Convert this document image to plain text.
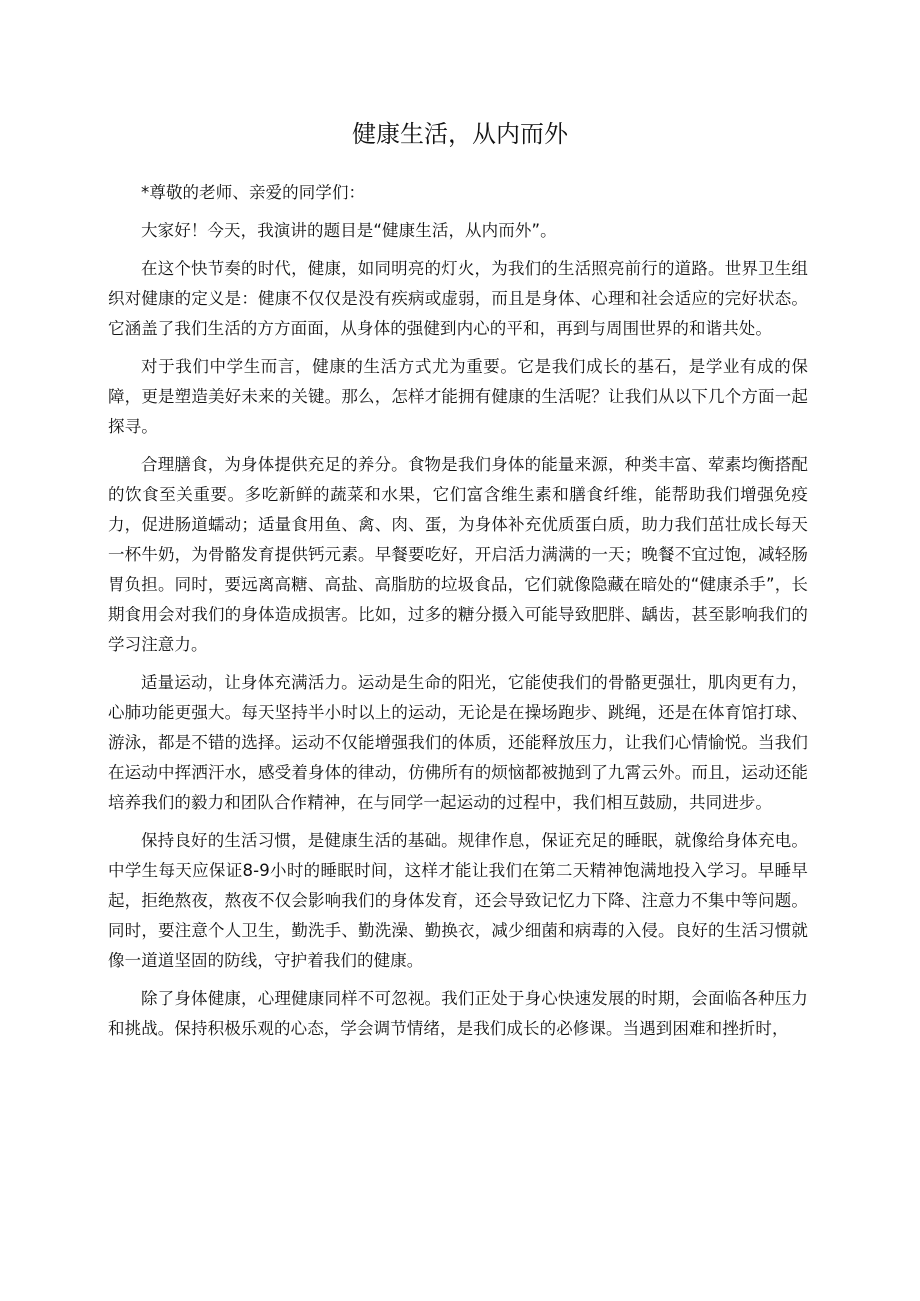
健康生活，从内而外

*尊敬的老师、亲爱的同学们：

大家好！今天，我演讲的题目是“健康生活，从内而外”。

在这个快节奏的时代，健康，如同明亮的灯火，为我们的生活照亮前行的道路。世界卫生组织对健康的定义是：健康不仅仅是没有疾病或虚弱，而且是身体、心理和社会适应的完好状态。它涵盖了我们生活的方方面面，从身体的强健到内心的平和，再到与周围世界的和谐共处。

对于我们中学生而言，健康的生活方式尤为重要。它是我们成长的基石，是学业有成的保障，更是塑造美好未来的关键。那么，怎样才能拥有健康的生活呢？让我们从以下几个方面一起探寻。

合理膳食，为身体提供充足的养分。食物是我们身体的能量来源，种类丰富、荤素均衡搭配的饮食至关重要。多吃新鲜的蔬菜和水果，它们富含维生素和膳食纤维，能帮助我们增强免疫力，促进肠道蠕动；适量食用鱼、禽、肉、蛋，为身体补充优质蛋白质，助力我们茁壮成长每天一杯牛奶，为骨骼发育提供钙元素。早餐要吃好，开启活力满满的一天；晚餐不宜过饱，减轻肠胃负担。同时，要远离高糖、高盐、高脂肪的垃圾食品，它们就像隐藏在暗处的“健康杀手”，长期食用会对我们的身体造成损害。比如，过多的糖分摄入可能导致肥胖、龋齿，甚至影响我们的学习注意力。

适量运动，让身体充满活力。运动是生命的阳光，它能使我们的骨骼更强壮，肌肉更有力，心肺功能更强大。每天坚持半小时以上的运动，无论是在操场跑步、跳绳，还是在体育馆打球、游泳，都是不错的选择。运动不仅能增强我们的体质，还能释放压力，让我们心情愉悦。当我们在运动中挥洒汗水，感受着身体的律动，仿佛所有的烦恼都被抛到了九霄云外。而且，运动还能培养我们的毅力和团队合作精神，在与同学一起运动的过程中，我们相互鼓励，共同进步。

保持良好的生活习惯，是健康生活的基础。规律作息，保证充足的睡眠，就像给身体充电。中学生每天应保证8-9小时的睡眠时间，这样才能让我们在第二天精神饱满地投入学习。早睡早起，拒绝熬夜，熬夜不仅会影响我们的身体发育，还会导致记忆力下降、注意力不集中等问题。同时，要注意个人卫生，勤洗手、勤洗澡、勤换衣，减少细菌和病毒的入侵。良好的生活习惯就像一道道坚固的防线，守护着我们的健康。

除了身体健康，心理健康同样不可忽视。我们正处于身心快速发展的时期，会面临各种压力和挑战。保持积极乐观的心态，学会调节情绪，是我们成长的必修课。当遇到困难和挫折时，
